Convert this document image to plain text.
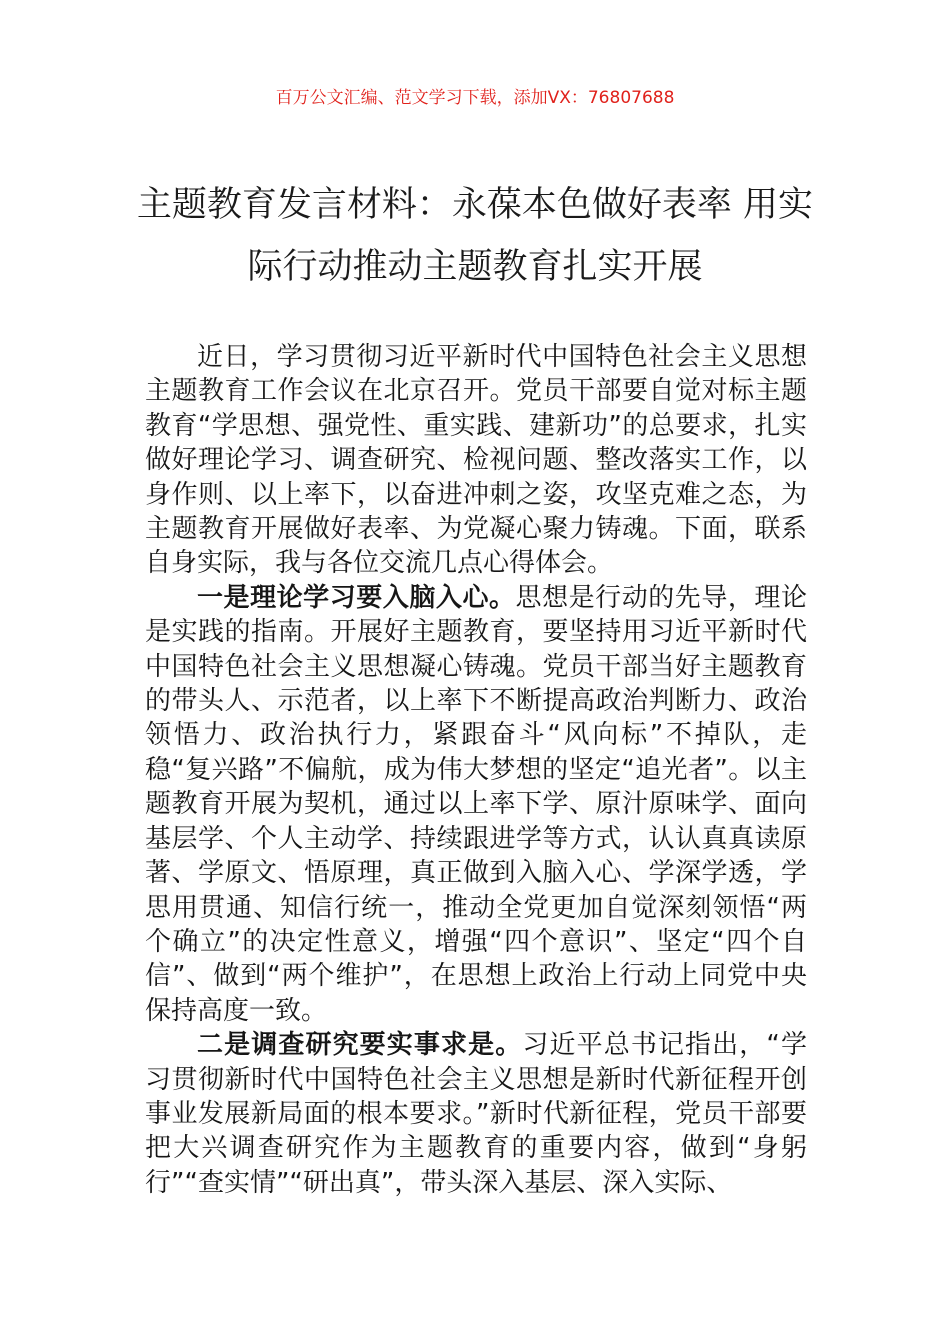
百万公文汇编、范文学习下载，添加VX：76807688
主题教育发言材料：永葆本色做好表率 用实际行动推动主题教育扎实开展

近日，学习贯彻习近平新时代中国特色社会主义思想主题教育工作会议在北京召开。党员干部要自觉对标主题教育“学思想、强党性、重实践、建新功”的总要求，扎实做好理论学习、调查研究、检视问题、整改落实工作，以身作则、以上率下，以奋进冲刺之姿，攻坚克难之态，为主题教育开展做好表率、为党凝心聚力铸魂。下面，联系自身实际，我与各位交流几点心得体会。

一是理论学习要入脑入心。思想是行动的先导，理论是实践的指南。开展好主题教育，要坚持用习近平新时代中国特色社会主义思想凝心铸魂。党员干部当好主题教育的带头人、示范者，以上率下不断提高政治判断力、政治领悟力、政治执行力，紧跟奋斗“风向标”不掉队，走稳“复兴路”不偏航，成为伟大梦想的坚定“追光者”。以主题教育开展为契机，通过以上率下学、原汁原味学、面向基层学、个人主动学、持续跟进学等方式，认认真真读原著、学原文、悟原理，真正做到入脑入心、学深学透，学思用贯通、知信行统一，推动全党更加自觉深刻领悟“两个确立”的决定性意义，增强“四个意识”、坚定“四个自信”、做到“两个维护”，在思想上政治上行动上同党中央保持高度一致。

二是调查研究要实事求是。习近平总书记指出，“学习贯彻新时代中国特色社会主义思想是新时代新征程开创事业发展新局面的根本要求。”新时代新征程，党员干部要把大兴调查研究作为主题教育的重要内容，做到“身躬行”“查实情”“研出真”，带头深入基层、深入实际、
